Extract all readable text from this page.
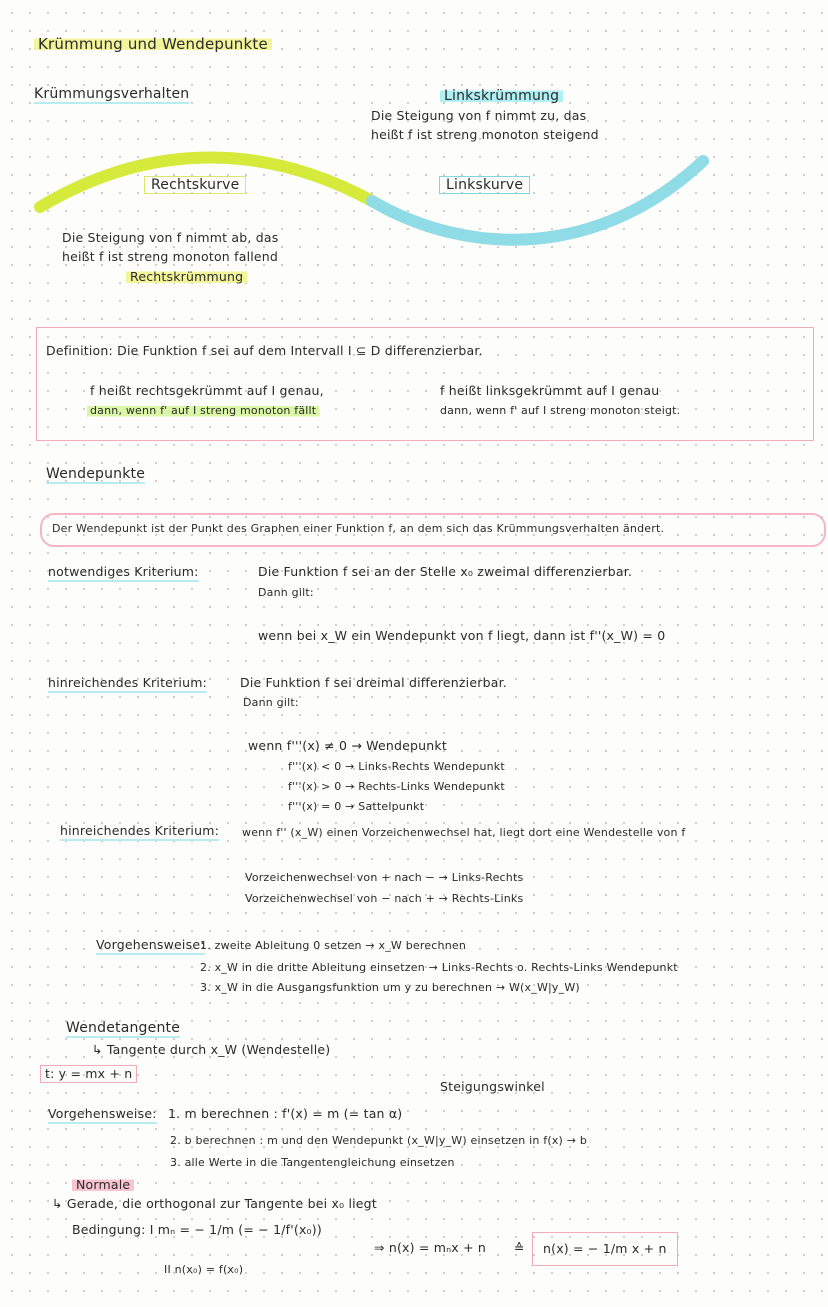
Krümmung und Wendepunkte
Krümmungsverhalten	Linkskrümmung
Die Steigung von f nimmt zu, das
heißt f ist streng monoton steigend
Rechtskurve	Linkskurve
Die Steigung von f nimmt ab, das
heißt f ist streng monoton fallend
Rechtskrümmung
Definition: Die Funktion f sei auf dem Intervall I ⊆ D differenzierbar.
f heißt rechtsgekrümmt auf I genau,
dann, wenn f' auf I streng monoton fällt
f heißt linksgekrümmt auf I genau
dann, wenn f' auf I streng monoton steigt.
Wendepunkte
Der Wendepunkt ist der Punkt des Graphen einer Funktion f, an dem sich das Krümmungsverhalten ändert.
notwendiges Kriterium:	Die Funktion f sei an der Stelle x₀ zweimal differenzierbar.
Dann gilt:
wenn bei x_W ein Wendepunkt von f liegt, dann ist f''(x_W) = 0
hinreichendes Kriterium:	Die Funktion f sei dreimal differenzierbar.
Dann gilt:
wenn f'''(x) ≠ 0 → Wendepunkt
f'''(x) < 0 → Links-Rechts Wendepunkt
f'''(x) > 0 → Rechts-Links Wendepunkt
f'''(x) = 0 → Sattelpunkt
hinreichendes Kriterium: wenn f'' (x_W) einen Vorzeichenwechsel hat, liegt dort eine Wendestelle von f
Vorzeichenwechsel von + nach − → Links-Rechts
Vorzeichenwechsel von − nach + → Rechts-Links
Vorgehensweise:
1. zweite Ableitung 0 setzen → x_W berechnen
2. x_W in die dritte Ableitung einsetzen → Links-Rechts o. Rechts-Links Wendepunkt
3. x_W in die Ausgangsfunktion um y zu berechnen → W(x_W|y_W)
Wendetangente
↳ Tangente durch x_W (Wendestelle)
t: y = mx + n
Steigungswinkel
Vorgehensweise: 1. m berechnen : f'(x) = m (= tan α)
2. b berechnen : m und den Wendepunkt (x_W|y_W) einsetzen in f(x) → b
3. alle Werte in die Tangentengleichung einsetzen
Normale
↳ Gerade, die orthogonal zur Tangente bei x₀ liegt
Bedingung: I mₙ = − 1/m (= − 1/f'(x₀))
⇒ n(x) = mₙx + n ≙	n(x) = − 1/m x + n
II n(x₀) = f(x₀)
